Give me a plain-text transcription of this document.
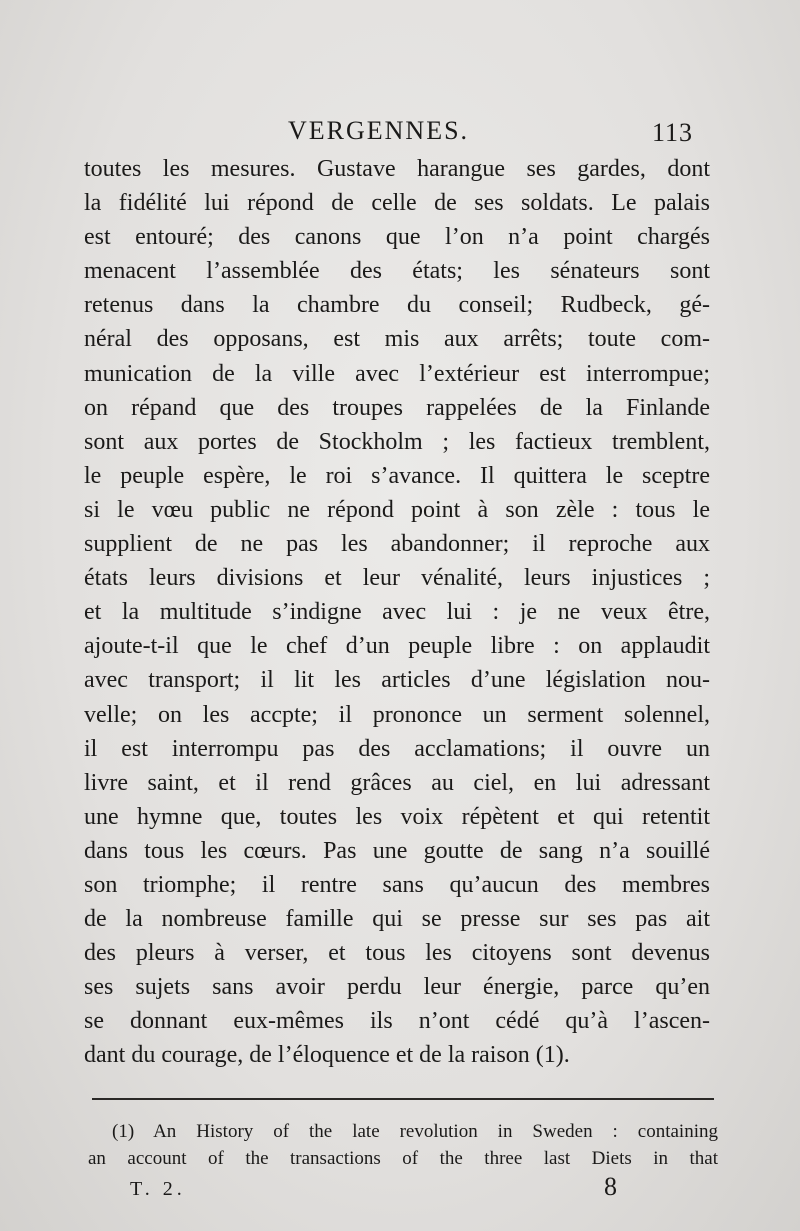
VERGENNES.	113
toutes les mesures. Gustave harangue ses gardes, dont
la fidélité lui répond de celle de ses soldats. Le palais
est entouré; des canons que l’on n’a point chargés
menacent l’assemblée des états; les sénateurs sont
retenus dans la chambre du conseil; Rudbeck, gé-
néral des opposans, est mis aux arrêts; toute com-
munication de la ville avec l’extérieur est interrompue;
on répand que des troupes rappelées de la Finlande
sont aux portes de Stockholm ; les factieux tremblent,
le peuple espère, le roi s’avance. Il quittera le sceptre
si le vœu public ne répond point à son zèle : tous le
supplient de ne pas les abandonner; il reproche aux
états leurs divisions et leur vénalité, leurs injustices ;
et la multitude s’indigne avec lui : je ne veux être,
ajoute-t-il que le chef d’un peuple libre : on applaudit
avec transport; il lit les articles d’une législation nou-
velle; on les accpte; il prononce un serment solennel,
il est interrompu pas des acclamations; il ouvre un
livre saint, et il rend grâces au ciel, en lui adressant
une hymne que, toutes les voix répètent et qui retentit
dans tous les cœurs. Pas une goutte de sang n’a souillé
son triomphe; il rentre sans qu’aucun des membres
de la nombreuse famille qui se presse sur ses pas ait
des pleurs à verser, et tous les citoyens sont devenus
ses sujets sans avoir perdu leur énergie, parce qu’en
se donnant eux-mêmes ils n’ont cédé qu’à l’ascen-
dant du courage, de l’éloquence et de la raison (1).
(1) An History of the late revolution in Sweden : containing
an account of the transactions of the three last Diets in that
T. 2.	8
